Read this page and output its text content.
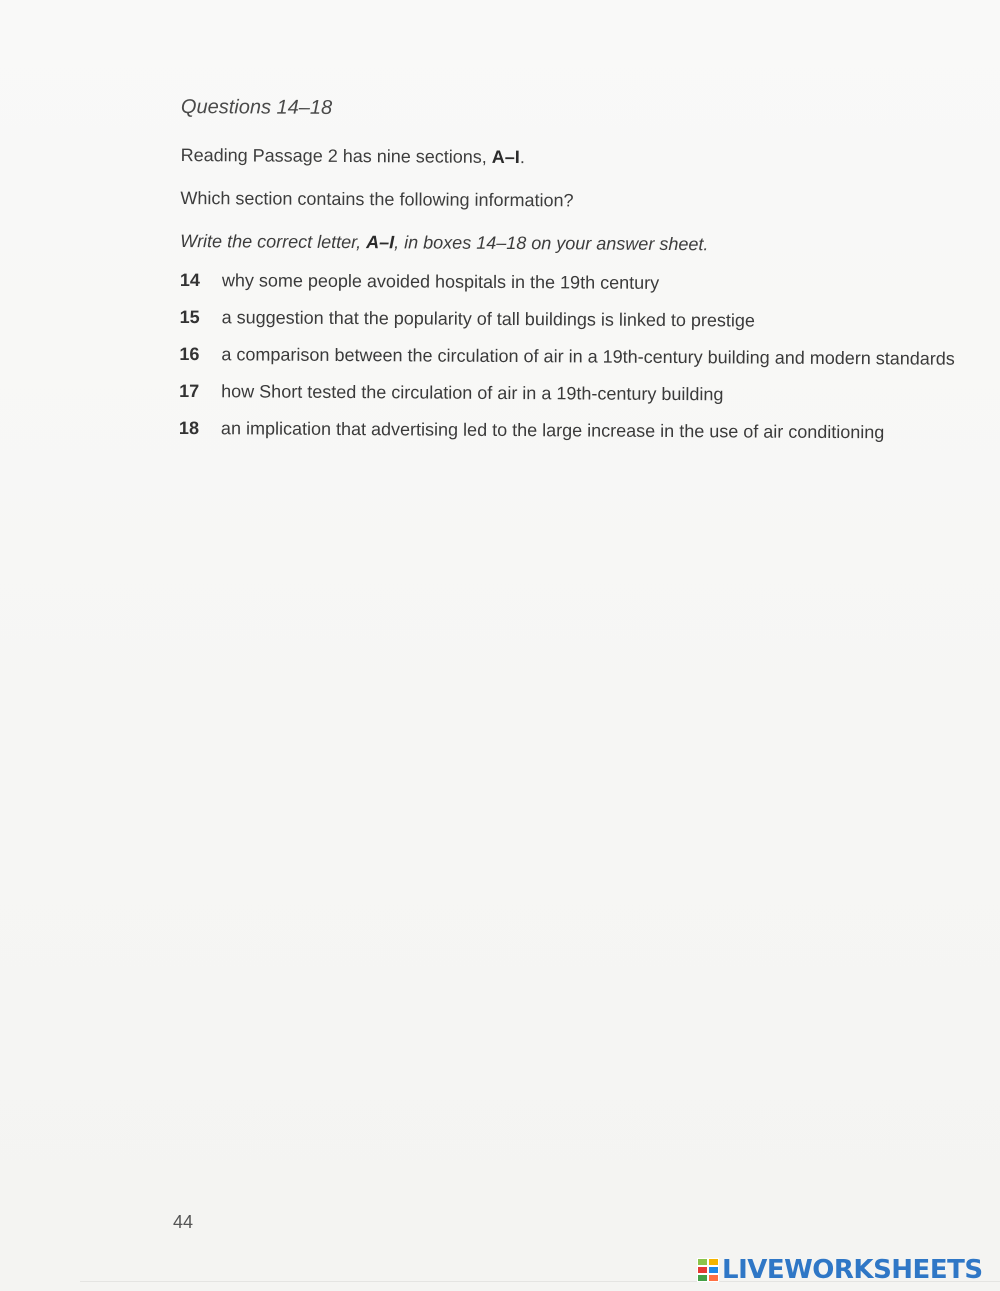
Questions 14–18
Reading Passage 2 has nine sections, A–I.
Which section contains the following information?
Write the correct letter, A–I, in boxes 14–18 on your answer sheet.
14	why some people avoided hospitals in the 19th century
15	a suggestion that the popularity of tall buildings is linked to prestige
16	a comparison between the circulation of air in a 19th-century building and modern standards
17	how Short tested the circulation of air in a 19th-century building
18	an implication that advertising led to the large increase in the use of air conditioning
44
LIVEWORKSHEETS
